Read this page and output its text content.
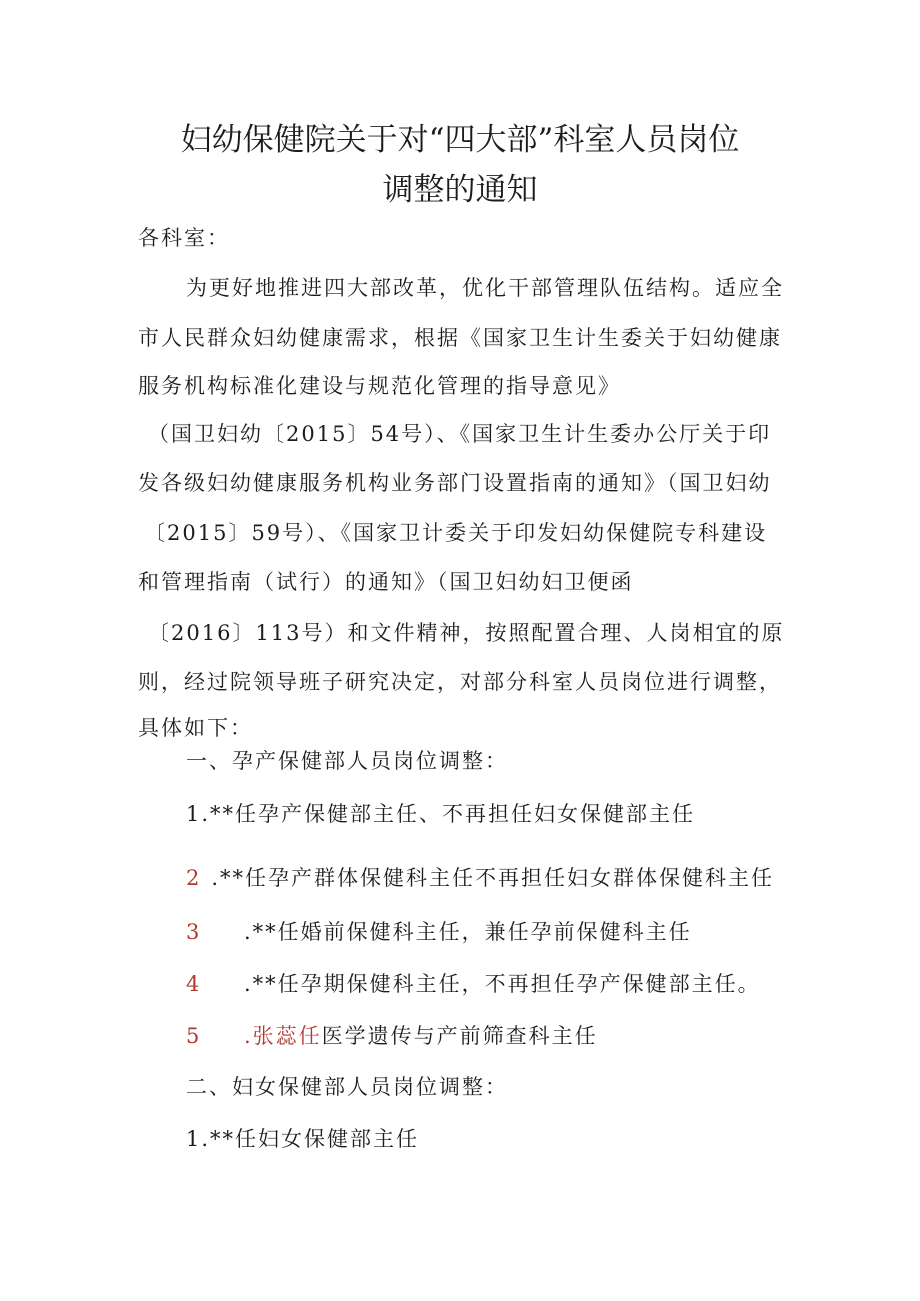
妇幼保健院关于对“四大部”科室人员岗位
调整的通知
各科室：
为更好地推进四大部改革，优化干部管理队伍结构。适应全
市人民群众妇幼健康需求，根据《国家卫生计生委关于妇幼健康
服务机构标准化建设与规范化管理的指导意见》
（国卫妇幼〔2015〕54号）、《国家卫生计生委办公厅关于印
发各级妇幼健康服务机构业务部门设置指南的通知》（国卫妇幼
〔2015〕59号）、《国家卫计委关于印发妇幼保健院专科建设
和管理指南（试行）的通知》（国卫妇幼妇卫便函
〔2016〕113号）和文件精神，按照配置合理、人岗相宜的原
则，经过院领导班子研究决定，对部分科室人员岗位进行调整，
具体如下：
一、孕产保健部人员岗位调整：
1.**任孕产保健部主任、不再担任妇女保健部主任
2 .**任孕产群体保健科主任不再担任妇女群体保健科主任
3 .**任婚前保健科主任，兼任孕前保健科主任
4 .**任孕期保健科主任，不再担任孕产保健部主任。
5 .张蕊任医学遗传与产前筛查科主任
二、妇女保健部人员岗位调整：
1.**任妇女保健部主任
